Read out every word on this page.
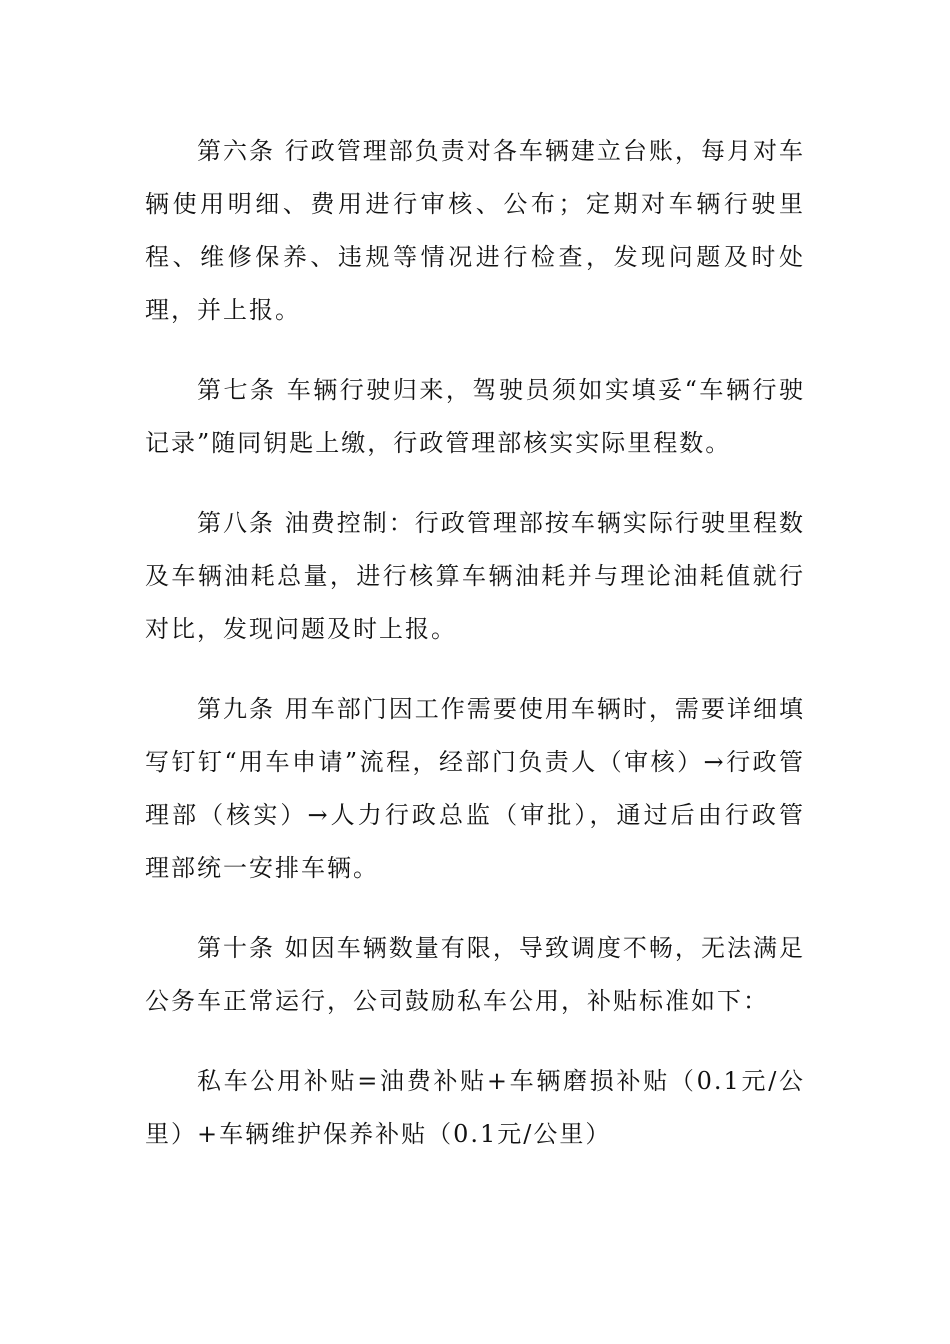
第六条 行政管理部负责对各车辆建立台账，每月对车辆使用明细、费用进行审核、公布；定期对车辆行驶里程、维修保养、违规等情况进行检查，发现问题及时处理，并上报。

第七条 车辆行驶归来，驾驶员须如实填妥“车辆行驶记录”随同钥匙上缴，行政管理部核实实际里程数。

第八条 油费控制：行政管理部按车辆实际行驶里程数及车辆油耗总量，进行核算车辆油耗并与理论油耗值就行对比，发现问题及时上报。

第九条 用车部门因工作需要使用车辆时，需要详细填写钉钉“用车申请”流程，经部门负责人（审核）→行政管理部（核实）→人力行政总监（审批），通过后由行政管理部统一安排车辆。

第十条 如因车辆数量有限，导致调度不畅，无法满足公务车正常运行，公司鼓励私车公用，补贴标准如下：

私车公用补贴=油费补贴+车辆磨损补贴（0.1元/公里）+车辆维护保养补贴（0.1元/公里）
